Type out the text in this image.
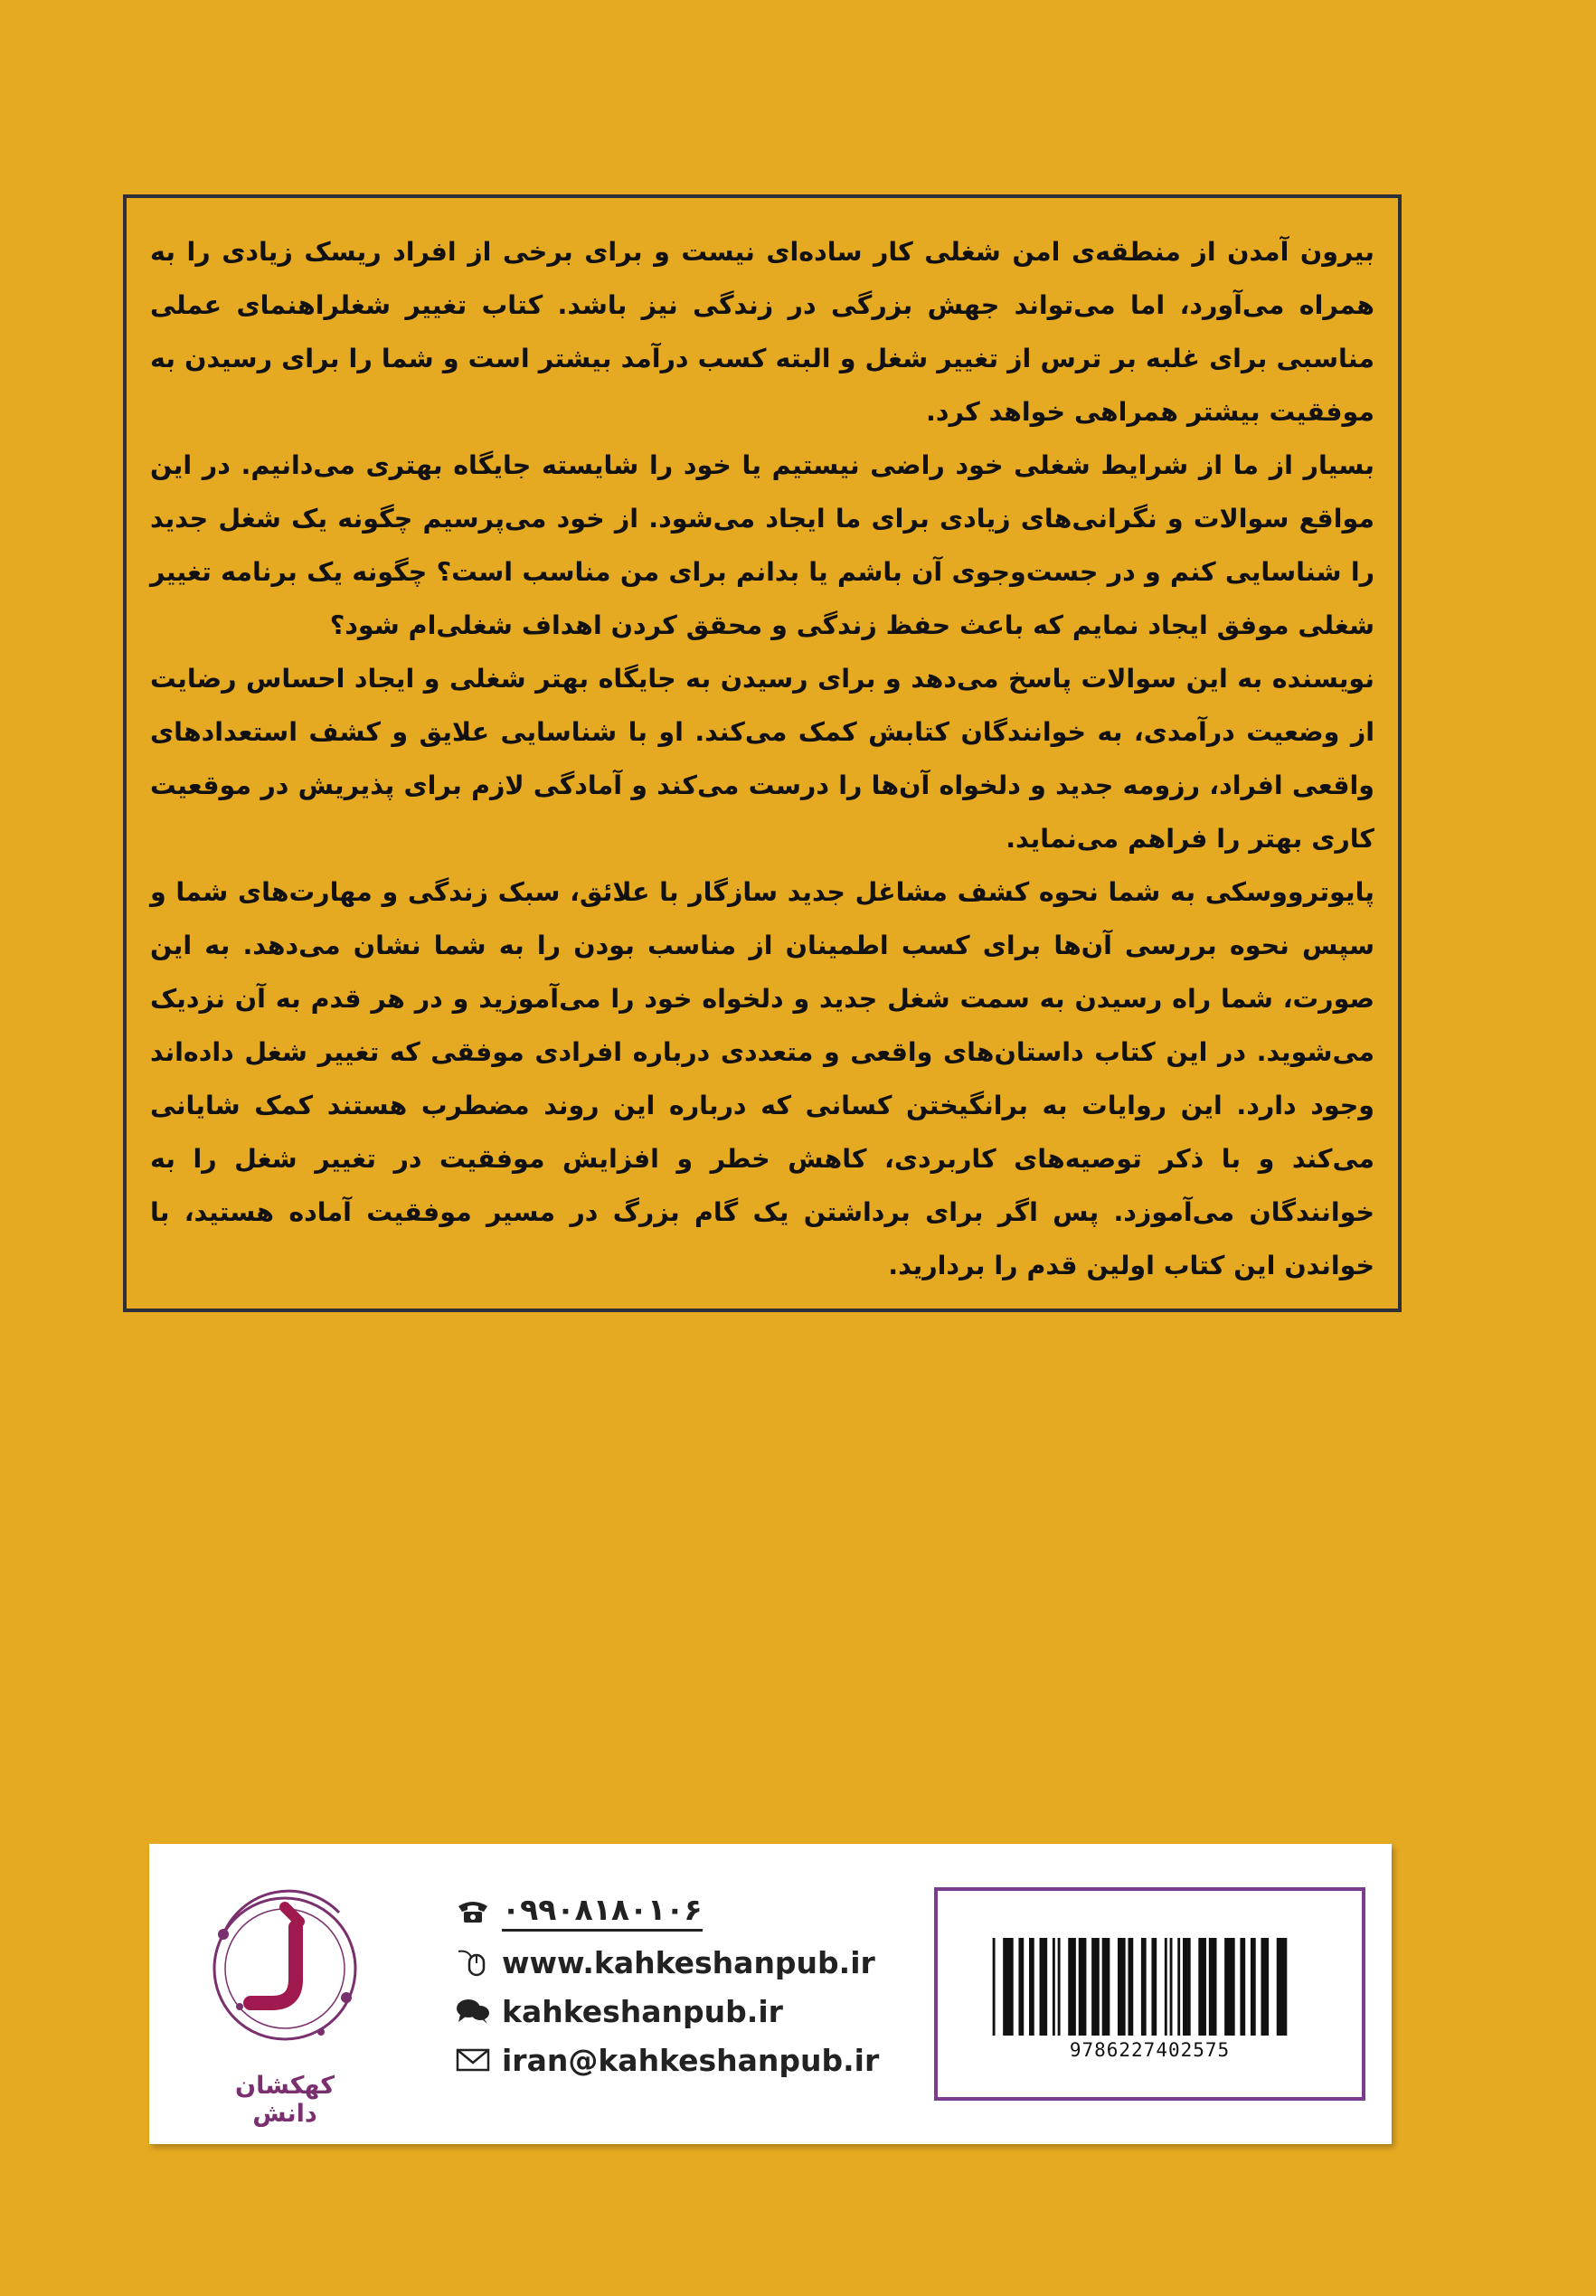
بیرون آمدن از منطقه‌ی امن شغلی کار ساده‌ای نیست و برای برخی از افراد ریسک زیادی را به همراه می‌آورد، اما می‌تواند جهش بزرگی در زندگی نیز باشد. کتاب تغییر شغلراهنمای عملی مناسبی برای غلبه بر ترس از تغییر شغل و البته کسب درآمد بیشتر است و شما را برای رسیدن به موفقیت بیشتر همراهی خواهد کرد.

بسیار از ما از شرایط شغلی خود راضی نیستیم یا خود را شایسته جایگاه بهتری می‌دانیم. در این مواقع سوالات و نگرانی‌های زیادی برای ما ایجاد می‌شود. از خود می‌پرسیم چگونه یک شغل جدید را شناسایی کنم و در جست‌وجوی آن باشم یا بدانم برای من مناسب است؟ چگونه یک برنامه تغییر شغلی موفق ایجاد نمایم که باعث حفظ زندگی و محقق کردن اهداف شغلی‌ام شود؟

نویسنده به این سوالات پاسخ می‌دهد و برای رسیدن به جایگاه بهتر شغلی و ایجاد احساس رضایت از وضعیت درآمدی، به خوانندگان کتابش کمک می‌کند. او با شناسایی علایق و کشف استعدادهای واقعی افراد، رزومه جدید و دلخواه آن‌ها را درست می‌کند و آمادگی لازم برای پذیریش در موقعیت کاری بهتر را فراهم می‌نماید.

پایوترووسکی به شما نحوه کشف مشاغل جدید سازگار با علائق، سبک زندگی و مهارت‌های شما و سپس نحوه بررسی آن‌ها برای کسب اطمینان از مناسب بودن را به شما نشان می‌دهد. به این صورت، شما راه رسیدن به سمت شغل جدید و دلخواه خود را می‌آموزید و در هر قدم به آن نزدیک می‌شوید. در این کتاب داستان‌های واقعی و متعددی درباره افرادی موفقی که تغییر شغل داده‌اند وجود دارد. این روایات به برانگیختن کسانی که درباره این روند مضطرب هستند کمک شایانی می‌کند و با ذکر توصیه‌های کاربردی، کاهش خطر و افزایش موفقیت در تغییر شغل را به خوانندگان می‌آموزد. پس اگر برای برداشتن یک گام بزرگ در مسیر موفقیت آماده هستید، با خواندن این کتاب اولین قدم را بردارید.

کهکشان دانش
۰۹۹۰۸۱۸۰۱۰۶
www.kahkeshanpub.ir
kahkeshanpub.ir
iran@kahkeshanpub.ir	9786227402575
